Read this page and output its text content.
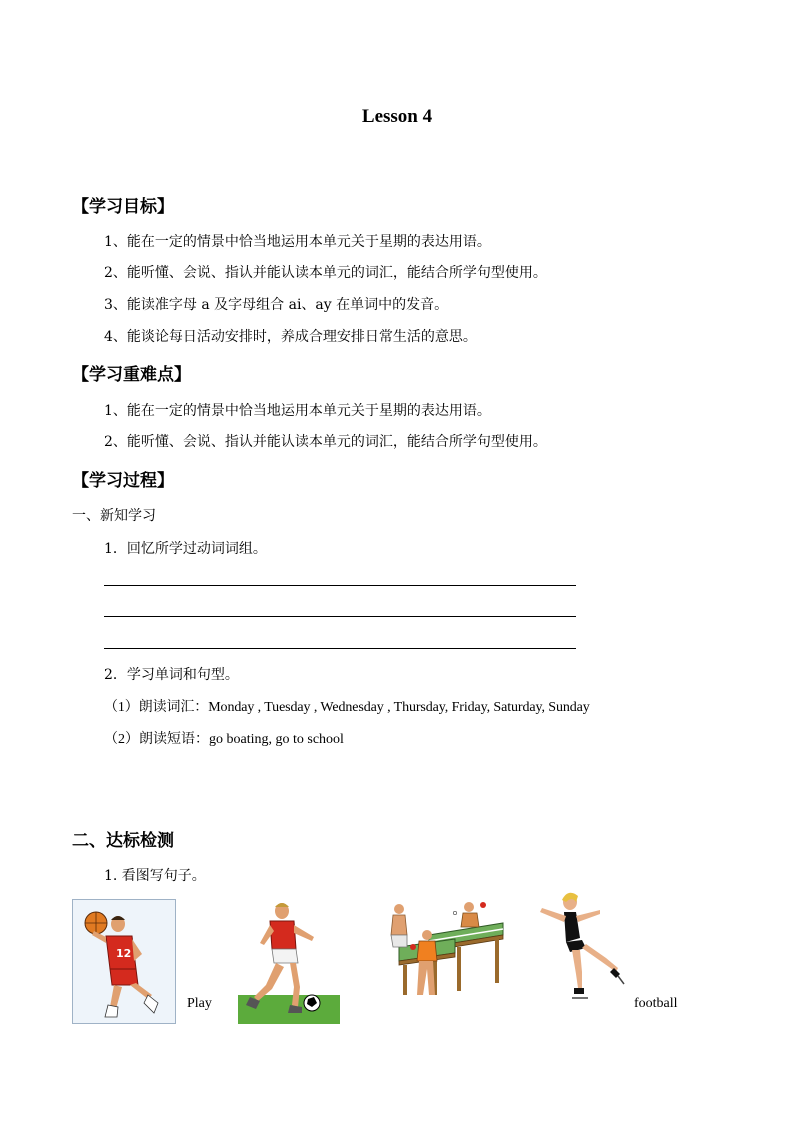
Lesson 4
【学习目标】
1、能在一定的情景中恰当地运用本单元关于星期的表达用语。
2、能听懂、会说、指认并能认读本单元的词汇，能结合所学句型使用。
3、能读准字母 a 及字母组合 ai、ay 在单词中的发音。
4、能谈论每日活动安排时，养成合理安排日常生活的意思。
【学习重难点】
1、能在一定的情景中恰当地运用本单元关于星期的表达用语。
2、能听懂、会说、指认并能认读本单元的词汇，能结合所学句型使用。
【学习过程】
一、新知学习
1．回忆所学过动词词组。
2．学习单词和句型。
（1）朗读词汇：Monday , Tuesday , Wednesday , Thursday, Friday, Saturday, Sunday
（2）朗读短语：go boating, go to school
二、达标检测
1. 看图写句子。
12
Play	football
